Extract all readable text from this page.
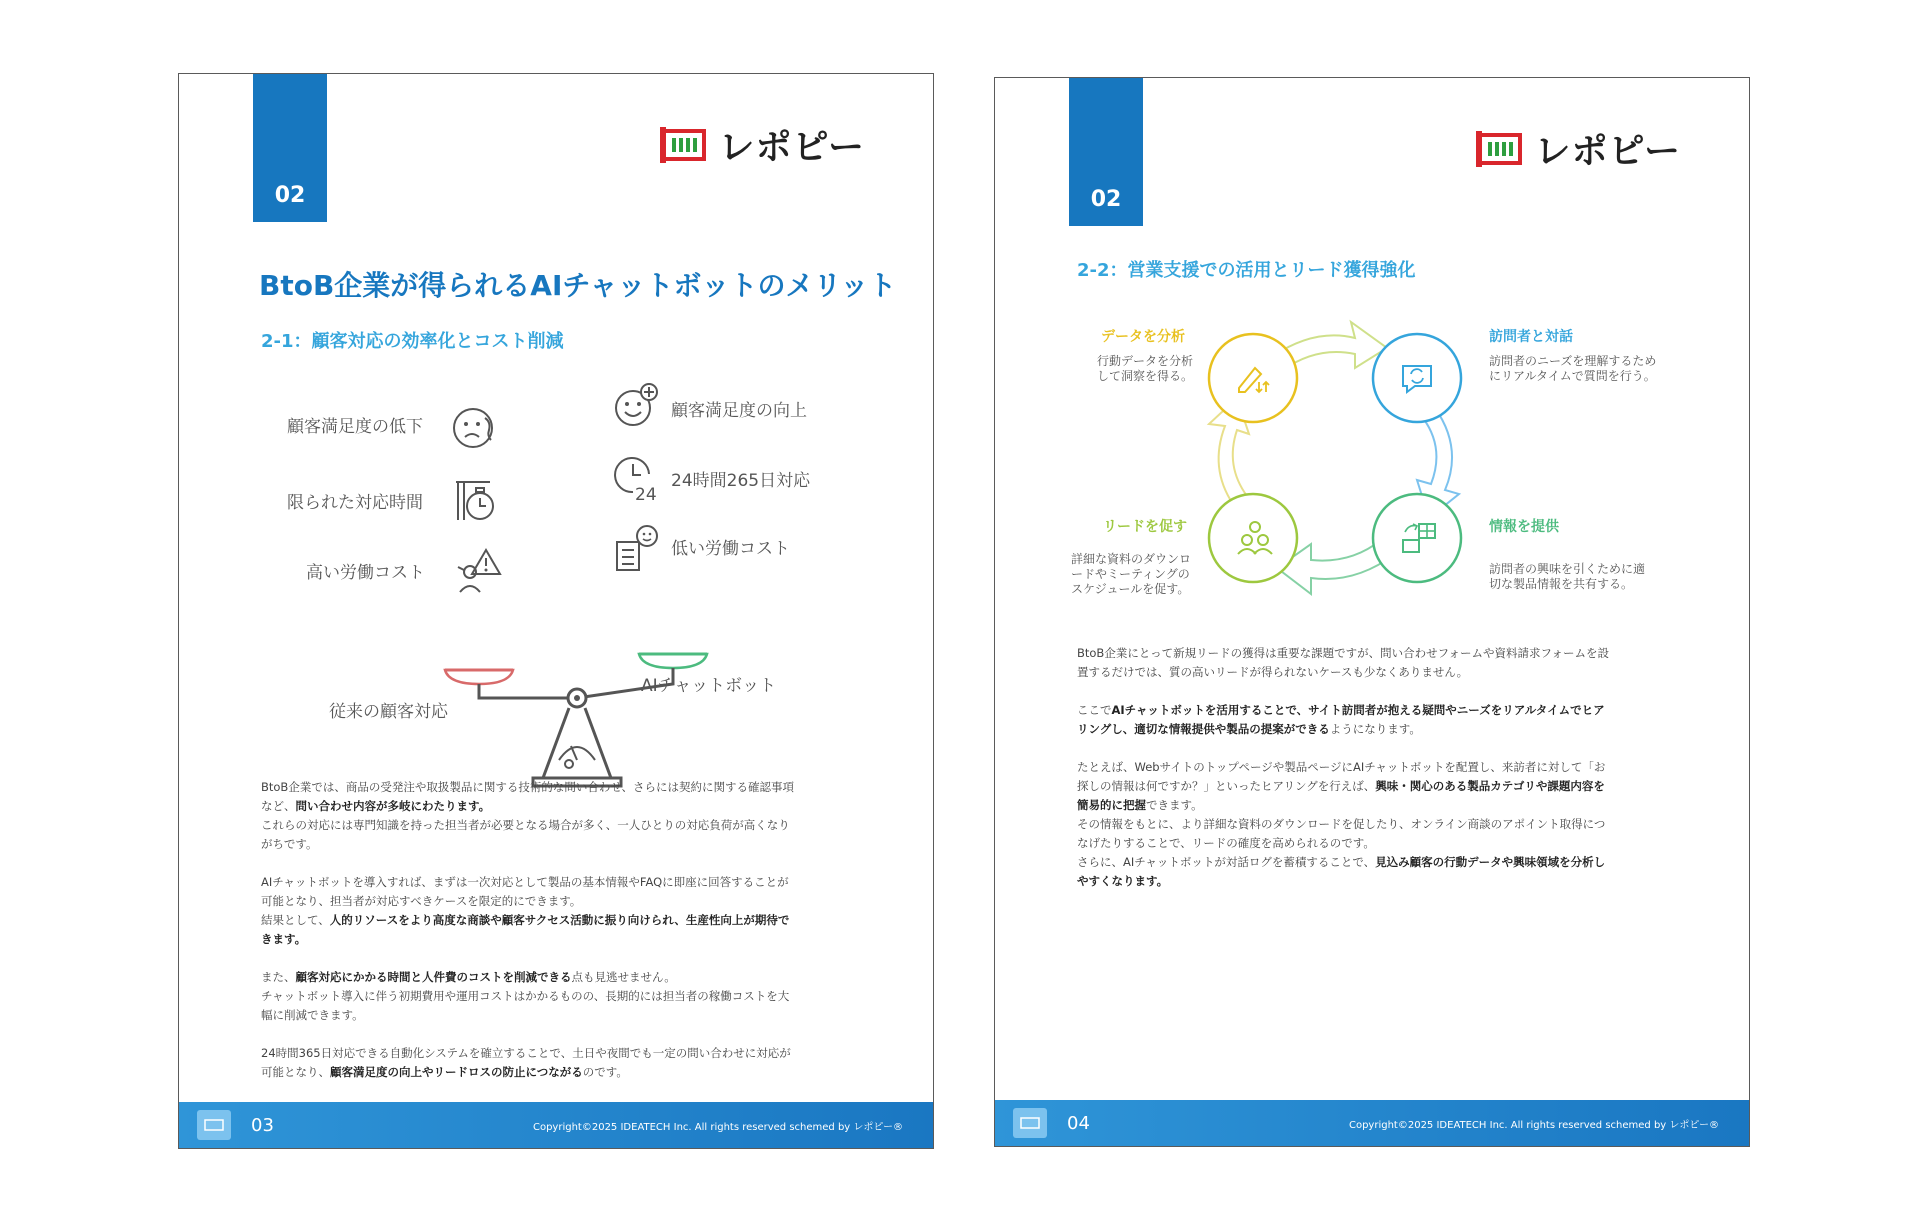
02
レポピー
BtoB企業が得られるAIチャットボットのメリット
2-1：顧客対応の効率化とコスト削減
顧客満足度の低下
限られた対応時間
高い労働コスト
顧客満足度の向上
24時間265日対応
低い労働コスト
従来の顧客対応
AIチャットボット
24

BtoB企業では、商品の受発注や取扱製品に関する技術的な問い合わせ、さらには契約に関する確認事項
など、問い合わせ内容が多岐にわたります。
これらの対応には専門知識を持った担当者が必要となる場合が多く、一人ひとりの対応負荷が高くなり
がちです。

AIチャットボットを導入すれば、まずは一次対応として製品の基本情報やFAQに即座に回答することが
可能となり、担当者が対応すべきケースを限定的にできます。
結果として、人的リソースをより高度な商談や顧客サクセス活動に振り向けられ、生産性向上が期待で
きます。

また、顧客対応にかかる時間と人件費のコストを削減できる点も見逃せません。
チャットボット導入に伴う初期費用や運用コストはかかるものの、長期的には担当者の稼働コストを大
幅に削減できます。

24時間365日対応できる自動化システムを確立することで、土日や夜間でも一定の問い合わせに対応が
可能となり、顧客満足度の向上やリードロスの防止につながるのです。

03	Copyright©2025 IDEATECH Inc. All rights reserved schemed by レポピー®
02
レポピー
2-2：営業支援での活用とリード獲得強化
データを分析
行動データを分析
して洞察を得る。
訪問者と対話
訪問者のニーズを理解するため
にリアルタイムで質問を行う。
情報を提供
訪問者の興味を引くために適
切な製品情報を共有する。
リードを促す
詳細な資料のダウンロ
ードやミーティングの
スケジュールを促す。

BtoB企業にとって新規リードの獲得は重要な課題ですが、問い合わせフォームや資料請求フォームを設
置するだけでは、質の高いリードが得られないケースも少なくありません。

ここでAIチャットボットを活用することで、サイト訪問者が抱える疑問やニーズをリアルタイムでヒア
リングし、適切な情報提供や製品の提案ができるようになります。

たとえば、Webサイトのトップページや製品ページにAIチャットボットを配置し、来訪者に対して「お
探しの情報は何ですか？」といったヒアリングを行えば、興味・関心のある製品カテゴリや課題内容を
簡易的に把握できます。
その情報をもとに、より詳細な資料のダウンロードを促したり、オンライン商談のアポイント取得につ
なげたりすることで、リードの確度を高められるのです。
さらに、AIチャットボットが対話ログを蓄積することで、見込み顧客の行動データや興味領域を分析し
やすくなります。

04	Copyright©2025 IDEATECH Inc. All rights reserved schemed by レポピー®
